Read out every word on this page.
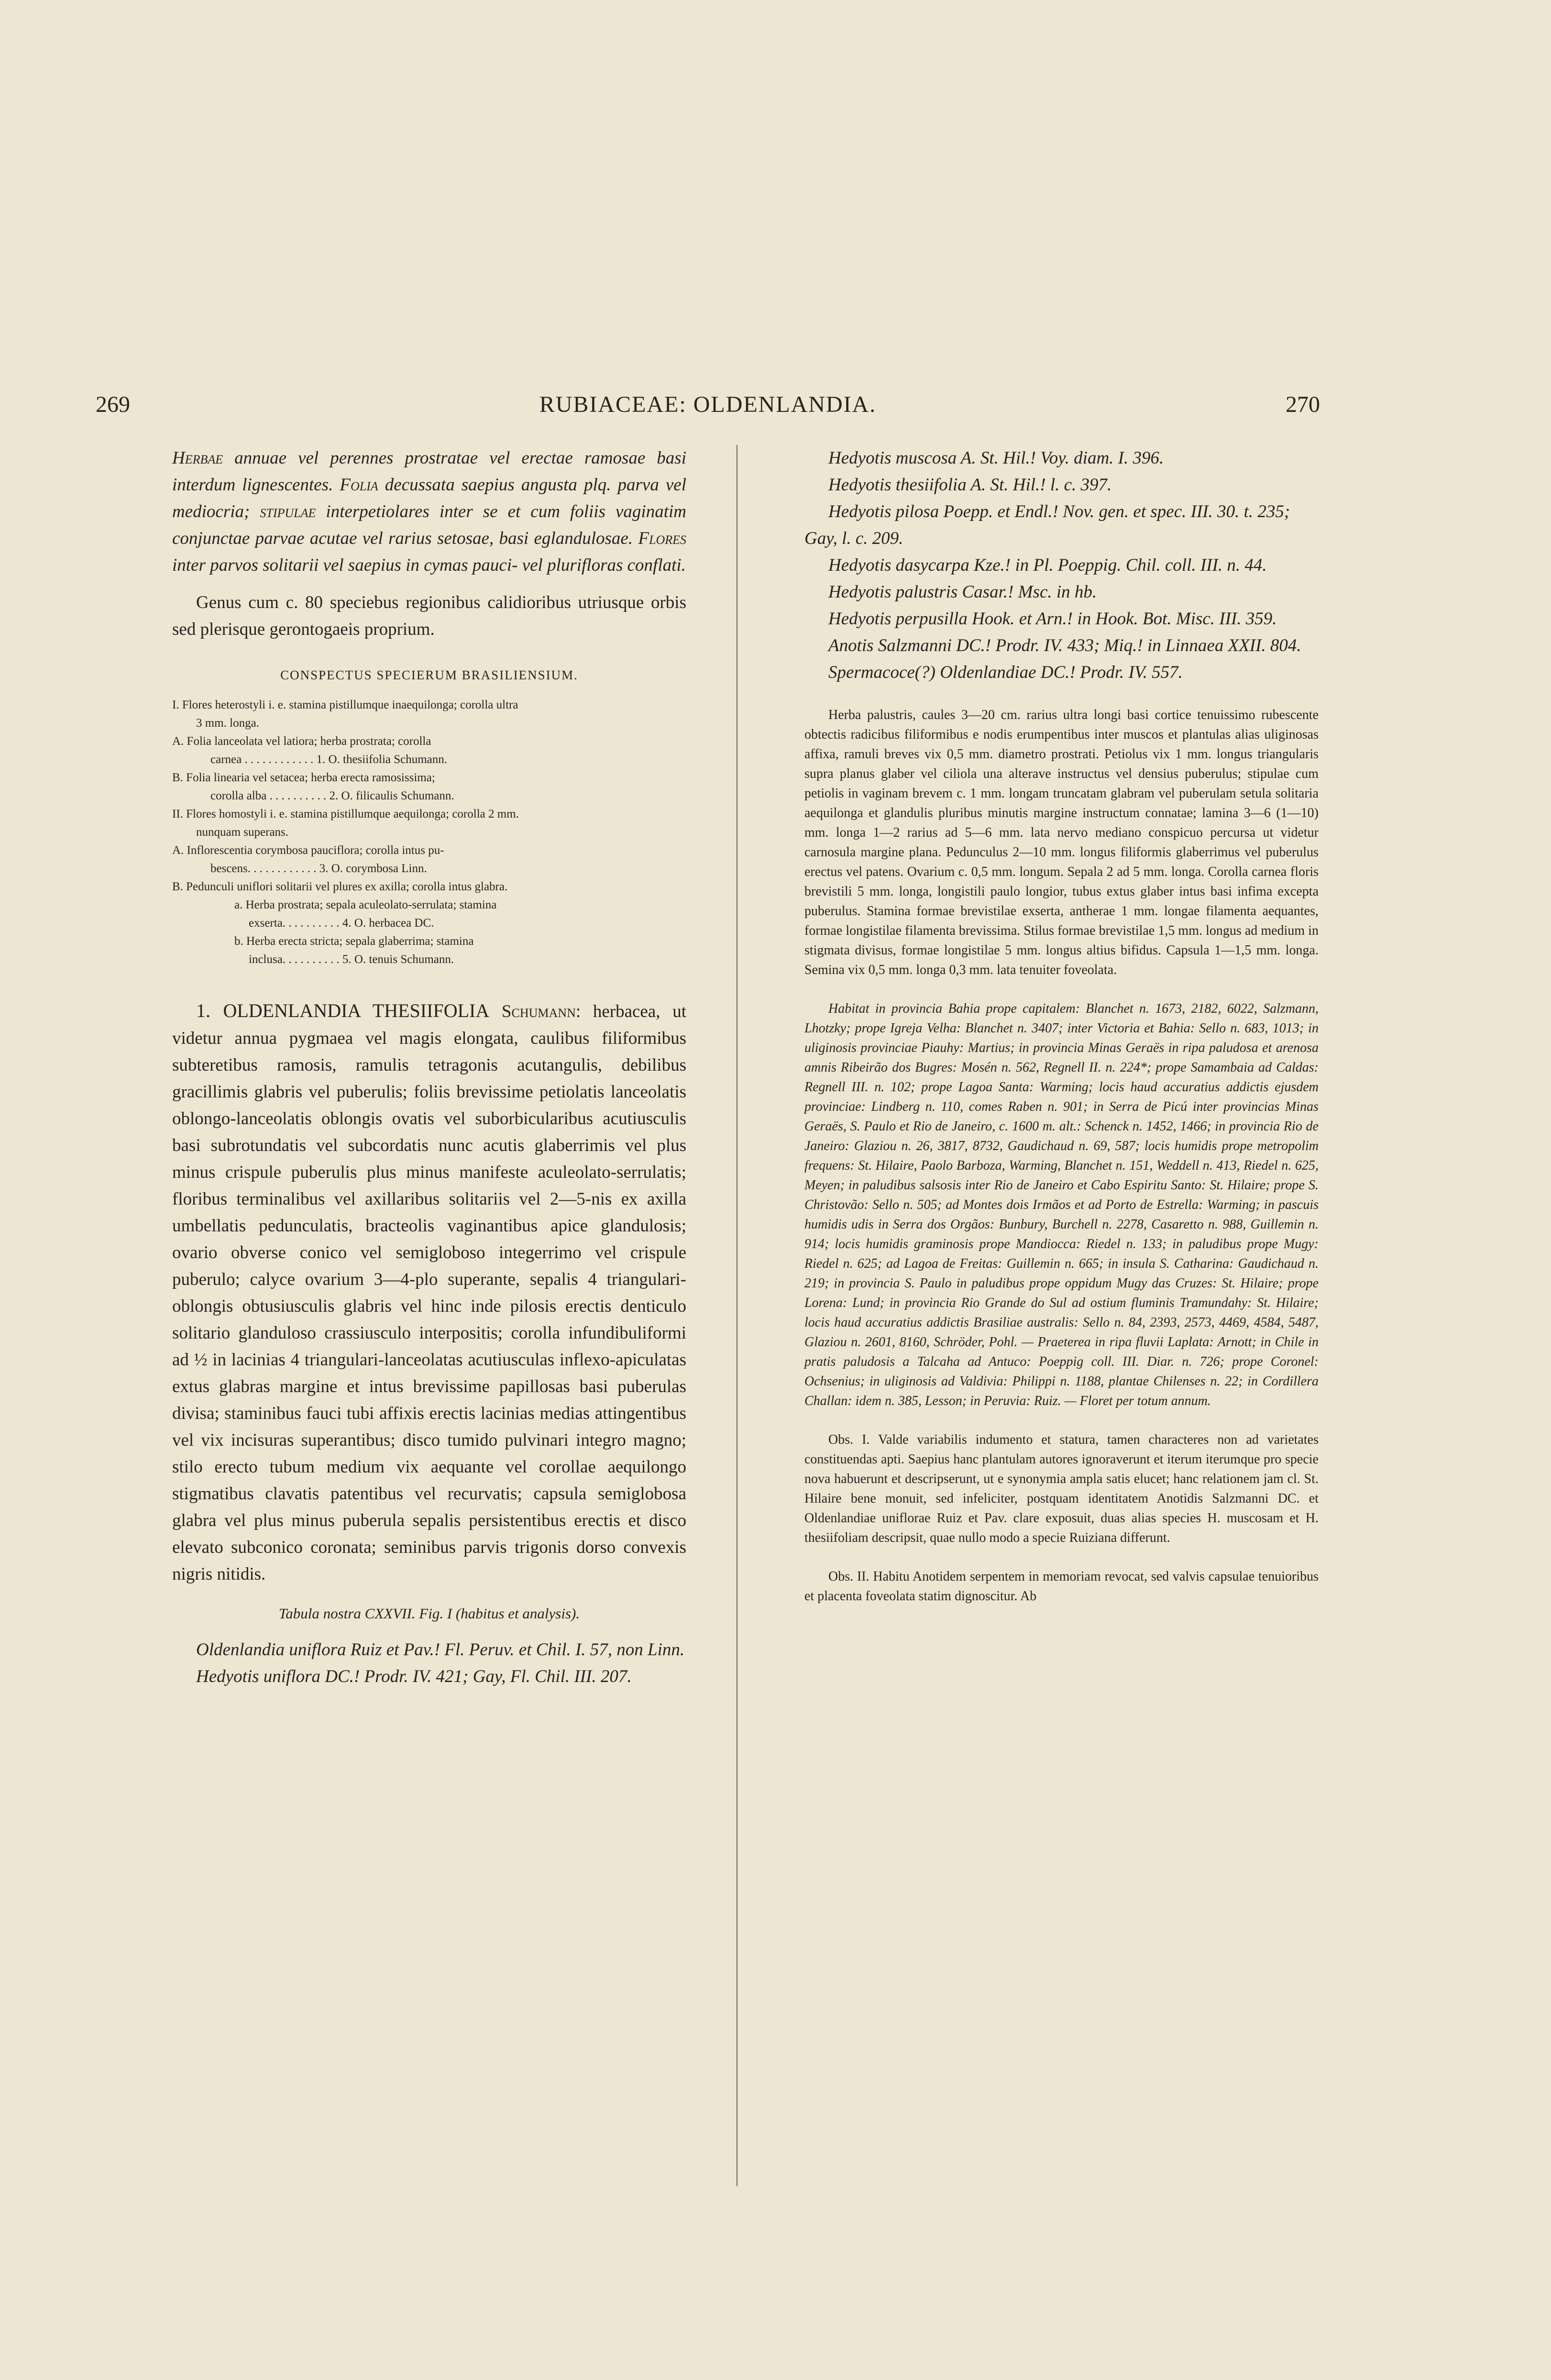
269	RUBIACEAE: OLDENLANDIA.	270

Herbae annuae vel perennes prostratae vel erectae ramosae basi interdum lignescentes. Folia decussata saepius angusta plq. parva vel mediocria; stipulae interpetiolares inter se et cum foliis vaginatim conjunctae parvae acutae vel rarius setosae, basi eglandulosae. Flores inter parvos solitarii vel saepius in cymas pauci- vel plurifloras conflati.

Genus cum c. 80 speciebus regionibus calidioribus utriusque orbis sed plerisque gerontogaeis proprium.

CONSPECTUS SPECIERUM BRASILIENSIUM.
I. Flores heterostyli i. e. stamina pistillumque inaequilonga; corolla ultra
3 mm. longa.
A. Folia lanceolata vel latiora; herba prostrata; corolla
carnea . . . . . . . . . . . . 1. O. thesiifolia Schumann.
B. Folia linearia vel setacea; herba erecta ramosissima;
corolla alba . . . . . . . . . . 2. O. filicaulis Schumann.
II. Flores homostyli i. e. stamina pistillumque aequilonga; corolla 2 mm.
nunquam superans.
A. Inflorescentia corymbosa pauciflora; corolla intus pu-
bescens. . . . . . . . . . . . 3. O. corymbosa Linn.
B. Pedunculi uniflori solitarii vel plures ex axilla; corolla intus glabra.
a. Herba prostrata; sepala aculeolato-serrulata; stamina
exserta. . . . . . . . . . 4. O. herbacea DC.
b. Herba erecta stricta; sepala glaberrima; stamina
inclusa. . . . . . . . . . 5. O. tenuis Schumann.

1. OLDENLANDIA THESIIFOLIA Schumann: herbacea, ut videtur annua pygmaea vel magis elongata, caulibus filiformibus subteretibus ramosis, ramulis tetragonis acutangulis, debilibus gracillimis glabris vel puberulis; foliis brevissime petiolatis lanceolatis oblongo-lanceolatis oblongis ovatis vel suborbicularibus acutiusculis basi subrotundatis vel subcordatis nunc acutis glaberrimis vel plus minus crispule puberulis plus minus manifeste aculeolato-serrulatis; floribus terminalibus vel axillaribus solitariis vel 2—5-nis ex axilla umbellatis pedunculatis, bracteolis vaginantibus apice glandulosis; ovario obverse conico vel semigloboso integerrimo vel crispule puberulo; calyce ovarium 3—4-plo superante, sepalis 4 triangulari-oblongis obtusiusculis glabris vel hinc inde pilosis erectis denticulo solitario glanduloso crassiusculo interpositis; corolla infundibuliformi ad ½ in lacinias 4 triangulari-lanceolatas acutiusculas inflexo-apiculatas extus glabras margine et intus brevissime papillosas basi puberulas divisa; staminibus fauci tubi affixis erectis lacinias medias attingentibus vel vix incisuras superantibus; disco tumido pulvinari integro magno; stilo erecto tubum medium vix aequante vel corollae aequilongo stigmatibus clavatis patentibus vel recurvatis; capsula semiglobosa glabra vel plus minus puberula sepalis persistentibus erectis et disco elevato subconico coronata; seminibus parvis trigonis dorso convexis nigris nitidis.

Tabula nostra CXXVII. Fig. I (habitus et analysis).

Oldenlandia uniflora Ruiz et Pav.! Fl. Peruv. et Chil. I. 57, non Linn.

Hedyotis uniflora DC.! Prodr. IV. 421; Gay, Fl. Chil. III. 207.

Hedyotis muscosa A. St. Hil.! Voy. diam. I. 396.

Hedyotis thesiifolia A. St. Hil.! l. c. 397.

Hedyotis pilosa Poepp. et Endl.! Nov. gen. et spec. III. 30. t. 235; Gay, l. c. 209.

Hedyotis dasycarpa Kze.! in Pl. Poeppig. Chil. coll. III. n. 44.

Hedyotis palustris Casar.! Msc. in hb.

Hedyotis perpusilla Hook. et Arn.! in Hook. Bot. Misc. III. 359.

Anotis Salzmanni DC.! Prodr. IV. 433; Miq.! in Linnaea XXII. 804.

Spermacoce(?) Oldenlandiae DC.! Prodr. IV. 557.

Herba palustris, caules 3—20 cm. rarius ultra longi basi cortice tenuissimo rubescente obtectis radicibus filiformibus e nodis erumpentibus inter muscos et plantulas alias uliginosas affixa, ramuli breves vix 0,5 mm. diametro prostrati. Petiolus vix 1 mm. longus triangularis supra planus glaber vel ciliola una alterave instructus vel densius puberulus; stipulae cum petiolis in vaginam brevem c. 1 mm. longam truncatam glabram vel puberulam setula solitaria aequilonga et glandulis pluribus minutis margine instructum connatae; lamina 3—6 (1—10) mm. longa 1—2 rarius ad 5—6 mm. lata nervo mediano conspicuo percursa ut videtur carnosula margine plana. Pedunculus 2—10 mm. longus filiformis glaberrimus vel puberulus erectus vel patens. Ovarium c. 0,5 mm. longum. Sepala 2 ad 5 mm. longa. Corolla carnea floris brevistili 5 mm. longa, longistili paulo longior, tubus extus glaber intus basi infima excepta puberulus. Stamina formae brevistilae exserta, antherae 1 mm. longae filamenta aequantes, formae longistilae filamenta brevissima. Stilus formae brevistilae 1,5 mm. longus ad medium in stigmata divisus, formae longistilae 5 mm. longus altius bifidus. Capsula 1—1,5 mm. longa. Semina vix 0,5 mm. longa 0,3 mm. lata tenuiter foveolata.

Habitat in provincia Bahia prope capitalem: Blanchet n. 1673, 2182, 6022, Salzmann, Lhotzky; prope Igreja Velha: Blanchet n. 3407; inter Victoria et Bahia: Sello n. 683, 1013; in uliginosis provinciae Piauhy: Martius; in provincia Minas Geraës in ripa paludosa et arenosa amnis Ribeirão dos Bugres: Mosén n. 562, Regnell II. n. 224*; prope Samambaia ad Caldas: Regnell III. n. 102; prope Lagoa Santa: Warming; locis haud accuratius addictis ejusdem provinciae: Lindberg n. 110, comes Raben n. 901; in Serra de Picú inter provincias Minas Geraës, S. Paulo et Rio de Janeiro, c. 1600 m. alt.: Schenck n. 1452, 1466; in provincia Rio de Janeiro: Glaziou n. 26, 3817, 8732, Gaudichaud n. 69, 587; locis humidis prope metropolim frequens: St. Hilaire, Paolo Barboza, Warming, Blanchet n. 151, Weddell n. 413, Riedel n. 625, Meyen; in paludibus salsosis inter Rio de Janeiro et Cabo Espiritu Santo: St. Hilaire; prope S. Christovão: Sello n. 505; ad Montes dois Irmãos et ad Porto de Estrella: Warming; in pascuis humidis udis in Serra dos Orgãos: Bunbury, Burchell n. 2278, Casaretto n. 988, Guillemin n. 914; locis humidis graminosis prope Mandiocca: Riedel n. 133; in paludibus prope Mugy: Riedel n. 625; ad Lagoa de Freitas: Guillemin n. 665; in insula S. Catharina: Gaudichaud n. 219; in provincia S. Paulo in paludibus prope oppidum Mugy das Cruzes: St. Hilaire; prope Lorena: Lund; in provincia Rio Grande do Sul ad ostium fluminis Tramundahy: St. Hilaire; locis haud accuratius addictis Brasiliae australis: Sello n. 84, 2393, 2573, 4469, 4584, 5487, Glaziou n. 2601, 8160, Schröder, Pohl. — Praeterea in ripa fluvii Laplata: Arnott; in Chile in pratis paludosis a Talcaha ad Antuco: Poeppig coll. III. Diar. n. 726; prope Coronel: Ochsenius; in uliginosis ad Valdivia: Philippi n. 1188, plantae Chilenses n. 22; in Cordillera Challan: idem n. 385, Lesson; in Peruvia: Ruiz. — Floret per totum annum.

Obs. I. Valde variabilis indumento et statura, tamen characteres non ad varietates constituendas apti. Saepius hanc plantulam autores ignoraverunt et iterum iterumque pro specie nova habuerunt et descripserunt, ut e synonymia ampla satis elucet; hanc relationem jam cl. St. Hilaire bene monuit, sed infeliciter, postquam identitatem Anotidis Salzmanni DC. et Oldenlandiae uniflorae Ruiz et Pav. clare exposuit, duas alias species H. muscosam et H. thesiifoliam descripsit, quae nullo modo a specie Ruiziana differunt.

Obs. II. Habitu Anotidem serpentem in memoriam revocat, sed valvis capsulae tenuioribus et placenta foveolata statim dignoscitur. Ab
